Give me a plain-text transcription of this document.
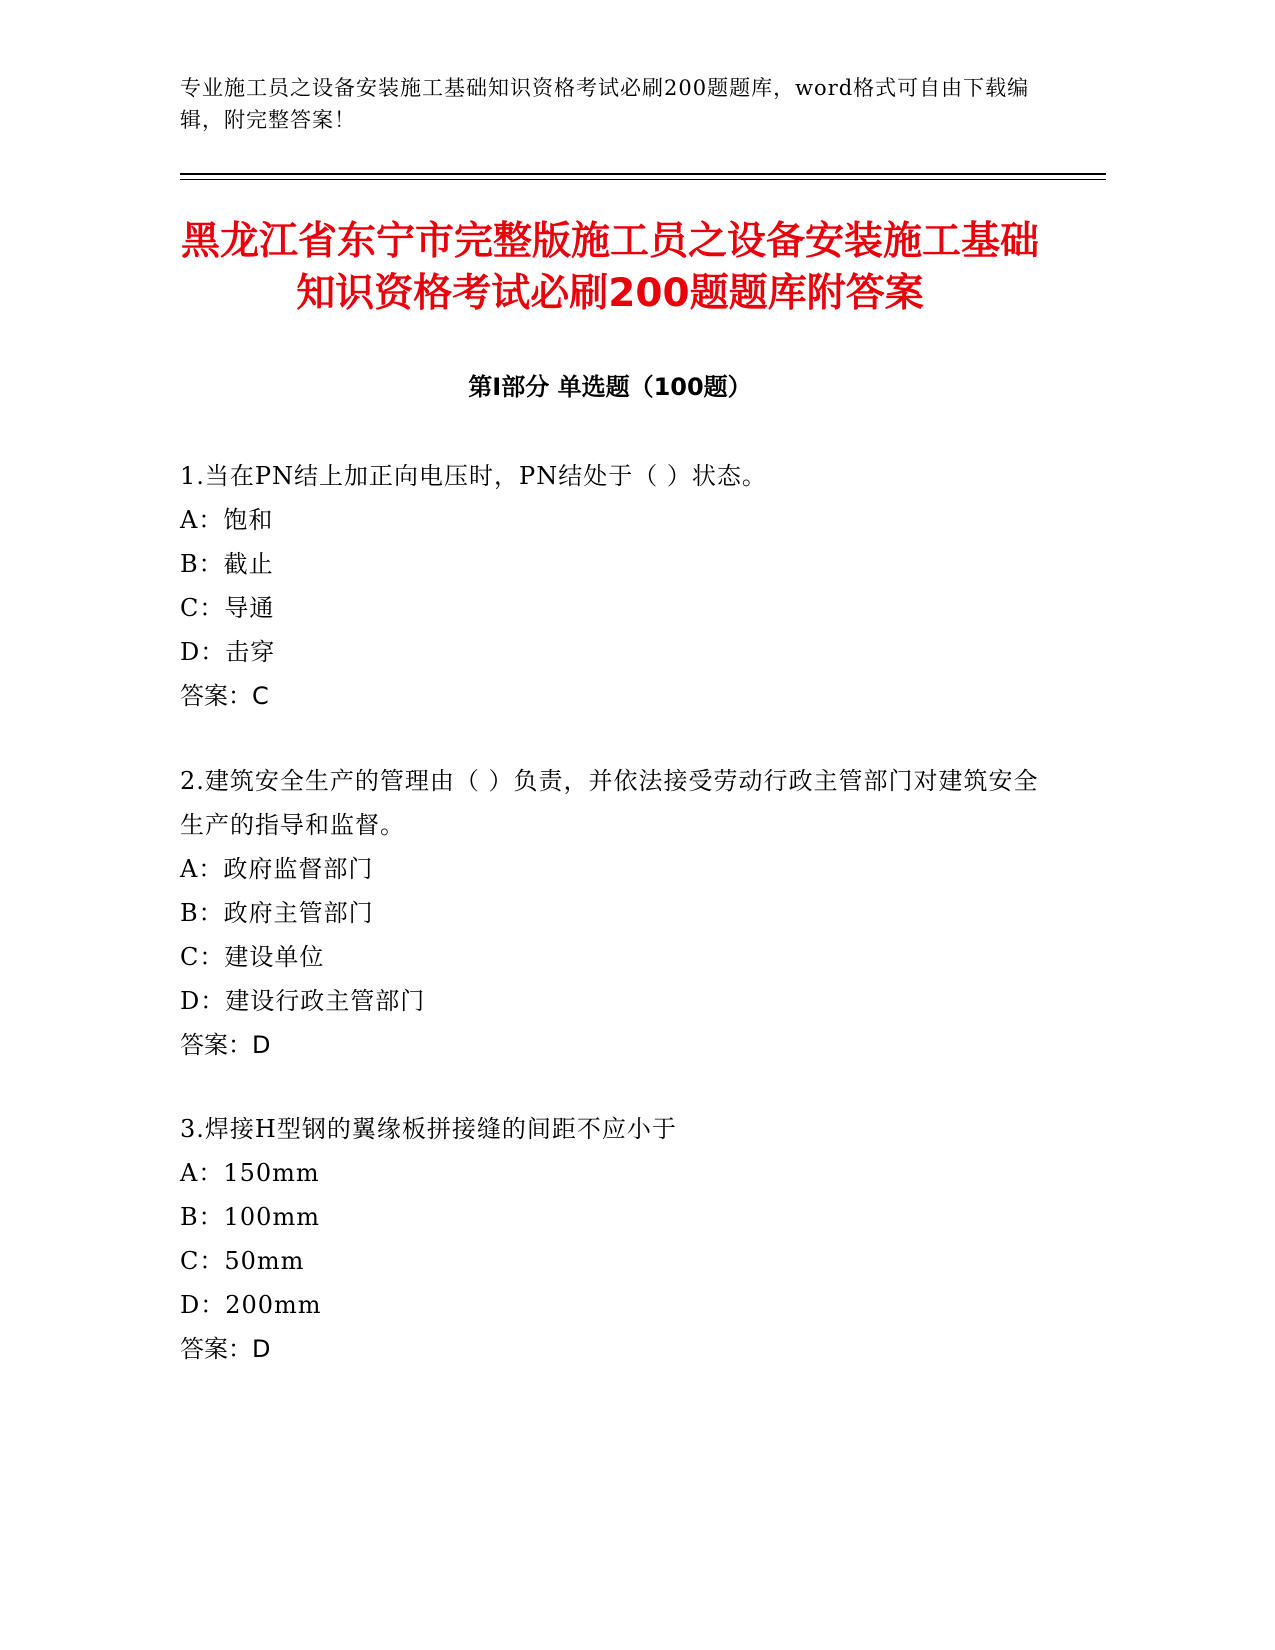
专业施工员之设备安装施工基础知识资格考试必刷200题题库，word格式可自由下载编辑，附完整答案！

黑龙江省东宁市完整版施工员之设备安装施工基础知识资格考试必刷200题题库附答案
第Ⅰ部分 单选题（100题）

1.当在PN结上加正向电压时，PN结处于（ ）状态。

A：饱和

B：截止

C：导通

D：击穿

答案：C

2.建筑安全生产的管理由（ ）负责，并依法接受劳动行政主管部门对建筑安全生产的指导和监督。

A：政府监督部门

B：政府主管部门

C：建设单位

D：建设行政主管部门

答案：D

3.焊接H型钢的翼缘板拼接缝的间距不应小于

A：150mm

B：100mm

C：50mm

D：200mm

答案：D
